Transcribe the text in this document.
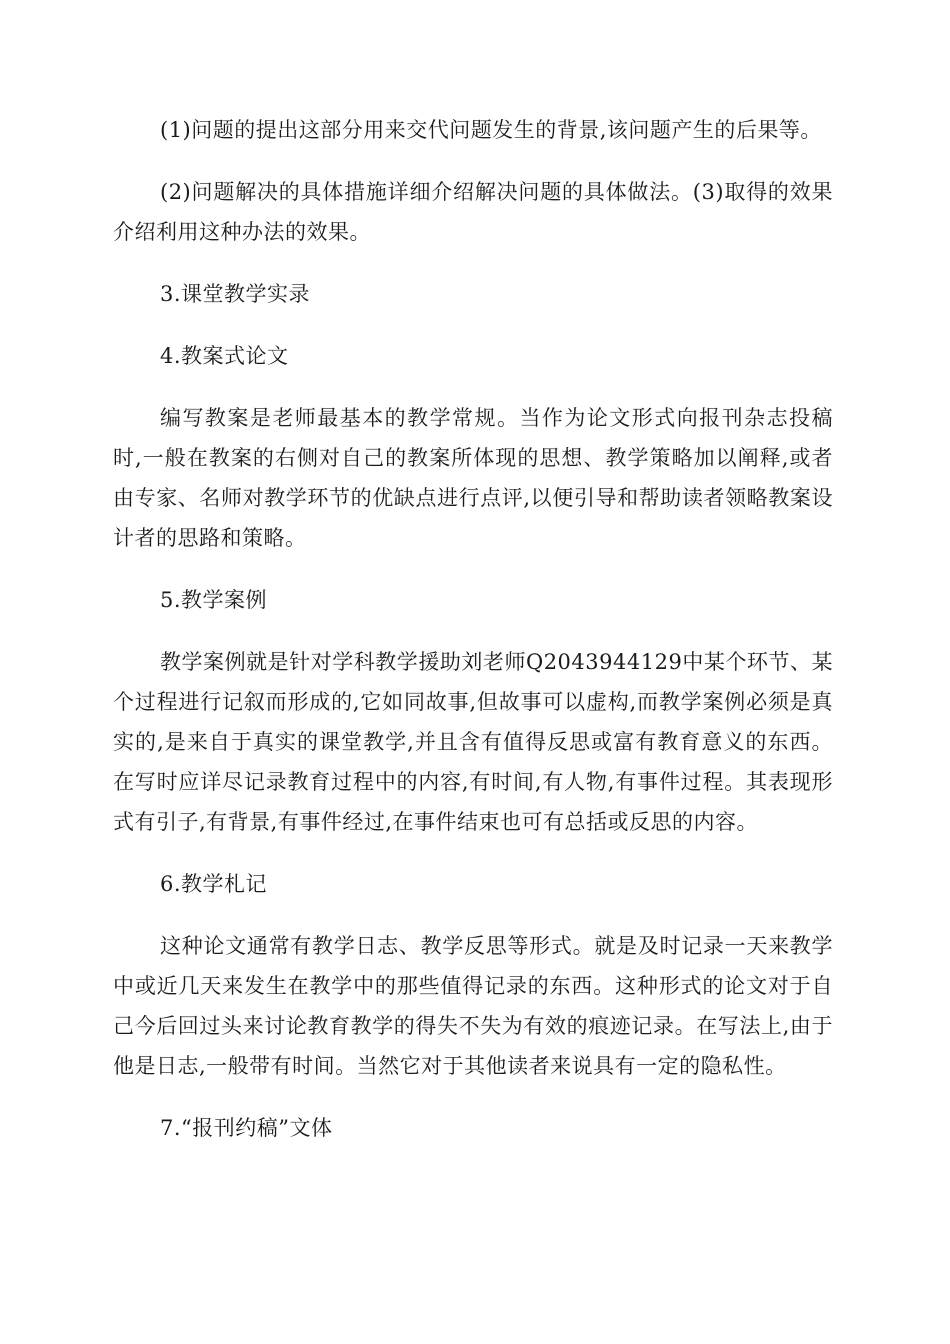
(1)问题的提出这部分用来交代问题发生的背景,该问题产生的后果等。

(2)问题解决的具体措施详细介绍解决问题的具体做法。(3)取得的效果介绍利用这种办法的效果。

3.课堂教学实录

4.教案式论文

编写教案是老师最基本的教学常规。当作为论文形式向报刊杂志投稿时,一般在教案的右侧对自己的教案所体现的思想、教学策略加以阐释,或者由专家、名师对教学环节的优缺点进行点评,以便引导和帮助读者领略教案设计者的思路和策略。

5.教学案例

教学案例就是针对学科教学援助刘老师Q2043944129中某个环节、某个过程进行记叙而形成的,它如同故事,但故事可以虚构,而教学案例必须是真实的,是来自于真实的课堂教学,并且含有值得反思或富有教育意义的东西。在写时应详尽记录教育过程中的内容,有时间,有人物,有事件过程。其表现形式有引子,有背景,有事件经过,在事件结束也可有总括或反思的内容。

6.教学札记

这种论文通常有教学日志、教学反思等形式。就是及时记录一天来教学中或近几天来发生在教学中的那些值得记录的东西。这种形式的论文对于自己今后回过头来讨论教育教学的得失不失为有效的痕迹记录。在写法上,由于他是日志,一般带有时间。当然它对于其他读者来说具有一定的隐私性。

7.“报刊约稿”文体
